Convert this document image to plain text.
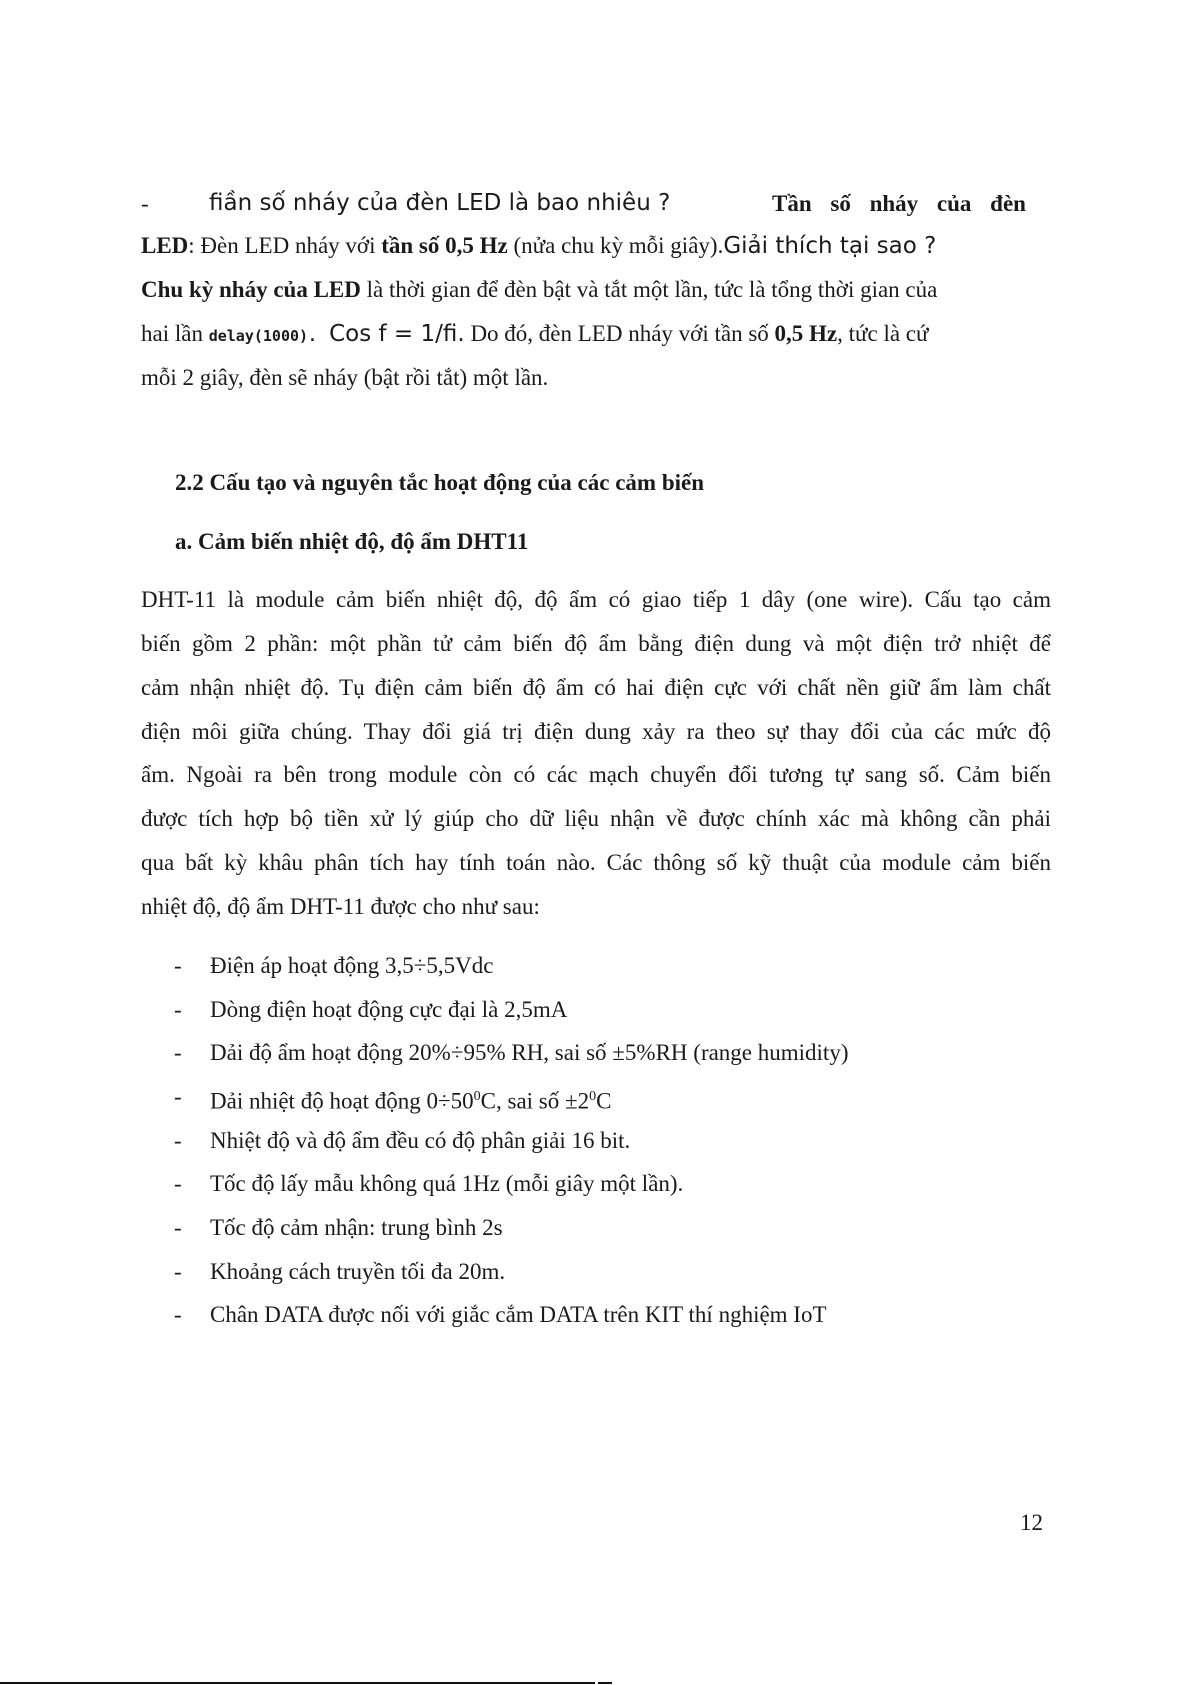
-	ﬁần số nháy của đèn LED là bao nhiêu ?	Tần số nháy của đèn
LED: Đèn LED nháy với tần số 0,5 Hz (nửa chu kỳ mỗi giây).Giải thích tại sao ?
Chu kỳ nháy của LED là thời gian để đèn bật và tắt một lần, tức là tổng thời gian của
hai lần delay(1000). Cos f = 1/ﬁ. Do đó, đèn LED nháy với tần số 0,5 Hz, tức là cứ
mỗi 2 giây, đèn sẽ nháy (bật rồi tắt) một lần.
2.2 Cấu tạo và nguyên tắc hoạt động của các cảm biến
a. Cảm biến nhiệt độ, độ ẩm DHT11
DHT-11 là module cảm biến nhiệt độ, độ ẩm có giao tiếp 1 dây (one wire). Cấu tạo cảm
biến gồm 2 phần: một phần tử cảm biến độ ẩm bằng điện dung và một điện trở nhiệt để
cảm nhận nhiệt độ. Tụ điện cảm biến độ ẩm có hai điện cực với chất nền giữ ẩm làm chất
điện môi giữa chúng. Thay đổi giá trị điện dung xảy ra theo sự thay đổi của các mức độ
ẩm. Ngoài ra bên trong module còn có các mạch chuyển đổi tương tự sang số. Cảm biến
được tích hợp bộ tiền xử lý giúp cho dữ liệu nhận về được chính xác mà không cần phải
qua bất kỳ khâu phân tích hay tính toán nào. Các thông số kỹ thuật của module cảm biến
nhiệt độ, độ ẩm DHT-11 được cho như sau:
- Điện áp hoạt động 3,5÷5,5Vdc
- Dòng điện hoạt động cực đại là 2,5mA
- Dải độ ẩm hoạt động 20%÷95% RH, sai số ±5%RH (range humidity)
- Dải nhiệt độ hoạt động $0\div 50^0C$, sai số $\pm 2^0C$
- Nhiệt độ và độ ẩm đều có độ phân giải 16 bit.
- Tốc độ lấy mẫu không quá 1Hz (mỗi giây một lần).
- Tốc độ cảm nhận: trung bình 2s
- Khoảng cách truyền tối đa 20m.
- Chân DATA được nối với giắc cắm DATA trên KIT thí nghiệm IoT
12
